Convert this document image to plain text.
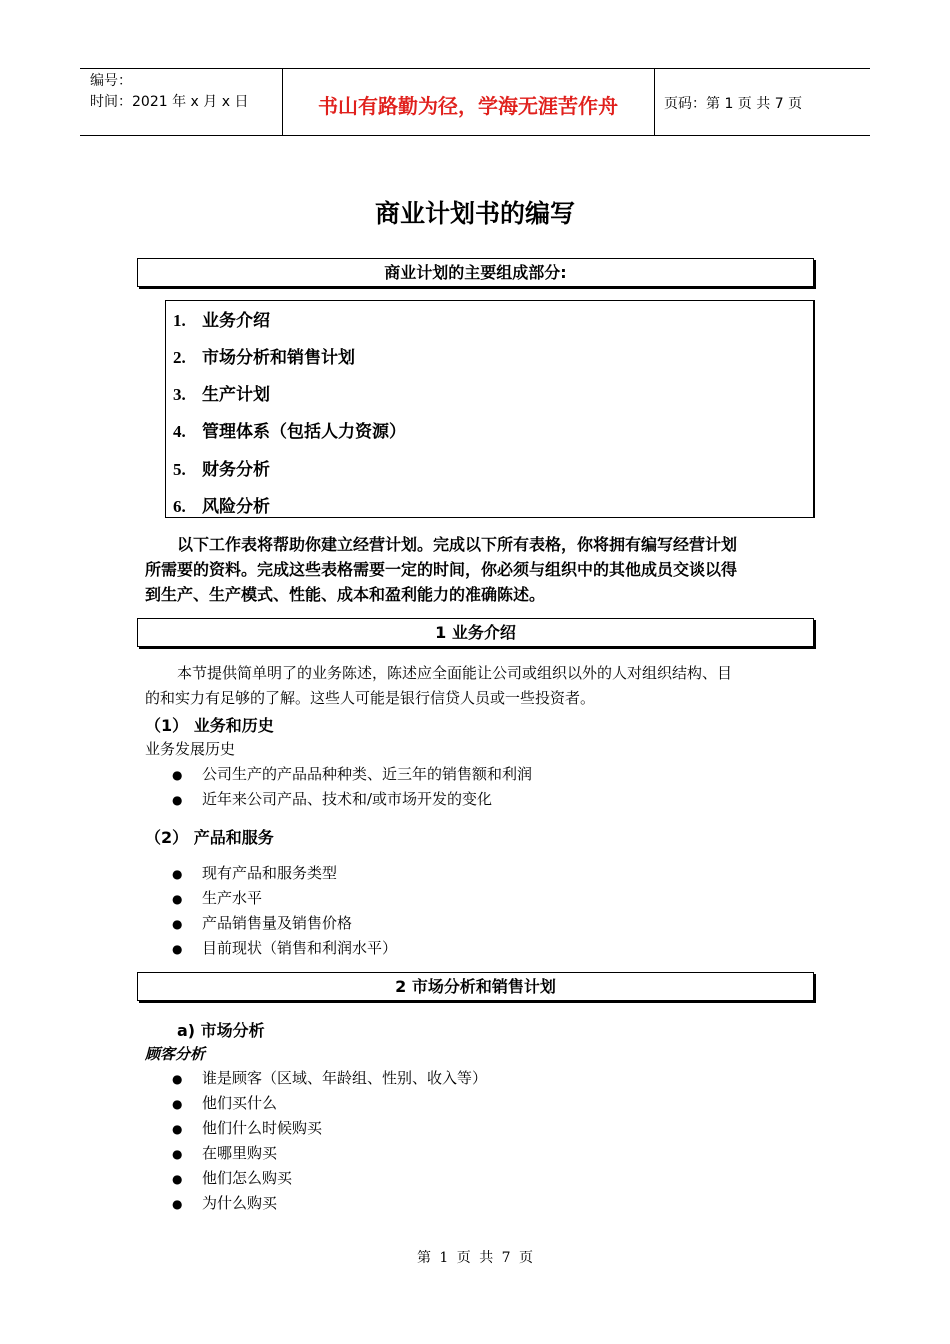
编号：
时间：2021 年 x 月 x 日	书山有路勤为径，学海无涯苦作舟	页码：第 1 页 共 7 页
商业计划书的编写
商业计划的主要组成部分:
1. 业务介绍
2. 市场分析和销售计划
3. 生产计划
4. 管理体系（包括人力资源）
5. 财务分析
6. 风险分析
以下工作表将帮助你建立经营计划。完成以下所有表格，你将拥有编写经营计划
所需要的资料。完成这些表格需要一定的时间，你必须与组织中的其他成员交谈以得
到生产、生产模式、性能、成本和盈利能力的准确陈述。
1 业务介绍
本节提供简单明了的业务陈述，陈述应全面能让公司或组织以外的人对组织结构、目
的和实力有足够的了解。这些人可能是银行信贷人员或一些投资者。
（1） 业务和历史
业务发展历史
● 公司生产的产品品种种类、近三年的销售额和利润
● 近年来公司产品、技术和/或市场开发的变化
（2） 产品和服务
● 现有产品和服务类型
● 生产水平
● 产品销售量及销售价格
● 目前现状（销售和利润水平）
2 市场分析和销售计划
a) 市场分析
顾客分析
● 谁是顾客（区域、年龄组、性别、收入等）
● 他们买什么
● 他们什么时候购买
● 在哪里购买
● 他们怎么购买
● 为什么购买
第 1 页 共 7 页
